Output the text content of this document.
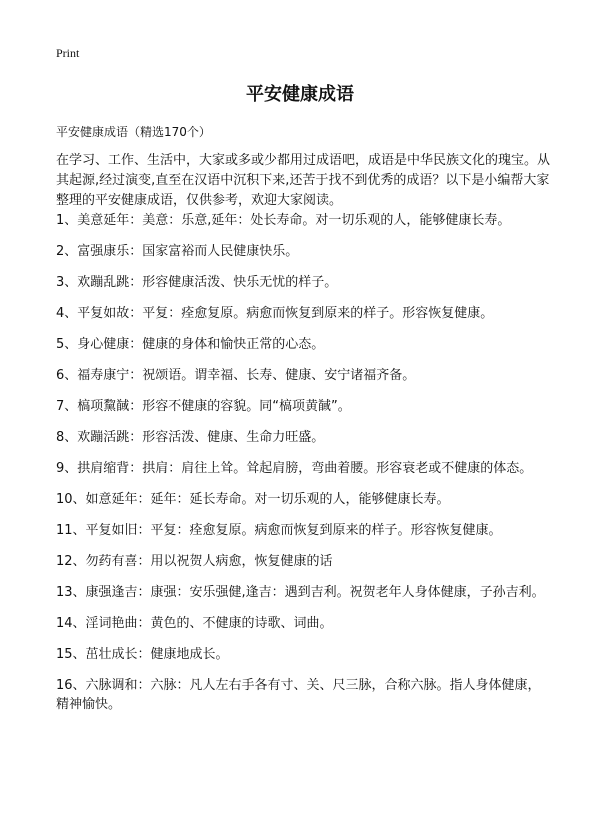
Print
平安健康成语
平安健康成语（精选170个）
在学习、工作、生活中，大家或多或少都用过成语吧，成语是中华民族文化的瑰宝。从其起源,经过演变,直至在汉语中沉积下来,还苦于找不到优秀的成语？以下是小编帮大家整理的平安健康成语，仅供参考，欢迎大家阅读。
1、美意延年：美意：乐意,延年：处长寿命。对一切乐观的人，能够健康长寿。
2、富强康乐：国家富裕而人民健康快乐。
3、欢蹦乱跳：形容健康活泼、快乐无忧的样子。
4、平复如故：平复：痊愈复原。病愈而恢复到原来的样子。形容恢复健康。
5、身心健康：健康的身体和愉快正常的心态。
6、福寿康宁：祝颂语。谓幸福、长寿、健康、安宁诸福齐备。
7、槁项黧馘：形容不健康的容貌。同“槁项黄馘”。
8、欢蹦活跳：形容活泼、健康、生命力旺盛。
9、拱肩缩背：拱肩：肩往上耸。耸起肩膀，弯曲着腰。形容衰老或不健康的体态。
10、如意延年：延年：延长寿命。对一切乐观的人，能够健康长寿。
11、平复如旧：平复：痊愈复原。病愈而恢复到原来的样子。形容恢复健康。
12、勿药有喜：用以祝贺人病愈，恢复健康的话
13、康强逢吉：康强：安乐强健,逢吉：遇到吉利。祝贺老年人身体健康，子孙吉利。
14、淫词艳曲：黄色的、不健康的诗歌、词曲。
15、茁壮成长：健康地成长。
16、六脉调和：六脉：凡人左右手各有寸、关、尺三脉，合称六脉。指人身体健康，精神愉快。
